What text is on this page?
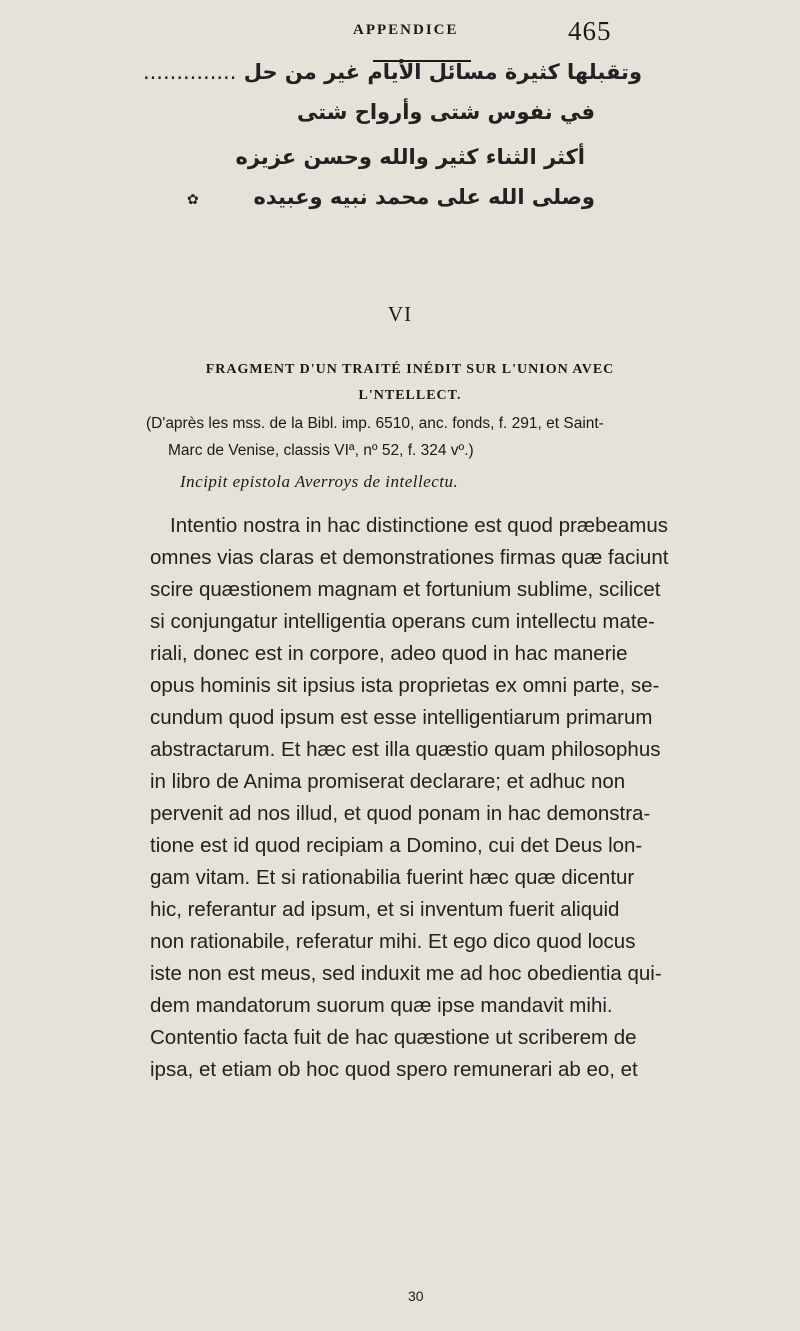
APPENDICE	465
وتقبلها كثيرة مسائل الأيام غير من حل ..............
في نفوس شتى وأرواح شتى
أكثر الثناء كثير والله وحسن عزيزه
وصلى الله على محمد نبيه وعبيده
✿
VI
FRAGMENT D'UN TRAITÉ INÉDIT SUR L'UNION AVEC
L'NTELLECT.
(D'après les mss. de la Bibl. imp. 6510, anc. fonds, f. 291, et Saint-
Marc de Venise, classis VIª, nº 52, f. 324 vº.)
Incipit epistola Averroys de intellectu.
Intentio nostra in hac distinctione est quod præbeamus
omnes vias claras et demonstrationes firmas quæ faciunt
scire quæstionem magnam et fortunium sublime, scilicet
si conjungatur intelligentia operans cum intellectu mate-
riali, donec est in corpore, adeo quod in hac manerie
opus hominis sit ipsius ista proprietas ex omni parte, se-
cundum quod ipsum est esse intelligentiarum primarum
abstractarum. Et hæc est illa quæstio quam philosophus
in libro de Anima promiserat declarare; et adhuc non
pervenit ad nos illud, et quod ponam in hac demonstra-
tione est id quod recipiam a Domino, cui det Deus lon-
gam vitam. Et si rationabilia fuerint hæc quæ dicentur
hic, referantur ad ipsum, et si inventum fuerit aliquid
non rationabile, referatur mihi. Et ego dico quod locus
iste non est meus, sed induxit me ad hoc obedientia qui-
dem mandatorum suorum quæ ipse mandavit mihi.
Contentio facta fuit de hac quæstione ut scriberem de
ipsa, et etiam ob hoc quod spero remunerari ab eo, et
30
